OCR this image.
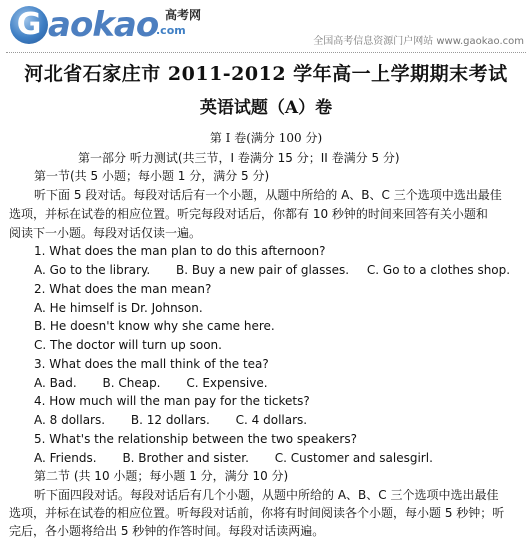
G aokao 高考网
.com
全国高考信息资源门户网站 www.gaokao.com
河北省石家庄市 2011-2012 学年高一上学期期末考试
英语试题（A）卷
第 I 卷(满分 100 分)
第一部分 听力测试(共三节，I 卷满分 15 分；II 卷满分 5 分)
第一节(共 5 小题；每小题 1 分，满分 5 分)
听下面 5 段对话。每段对话后有一个小题，从题中所给的 A、B、C 三个选项中选出最佳
选项，并标在试卷的相应位置。听完每段对话后，你都有 10 秒钟的时间来回答有关小题和
阅读下一小题。每段对话仅读一遍。
1. What does the man plan to do this afternoon?
A. Go to the library. B. Buy a new pair of glasses. C. Go to a clothes shop.
2. What does the man mean?
A. He himself is Dr. Johnson.
B. He doesn't know why she came here.
C. The doctor will turn up soon.
3. What does the mall think of the tea?
A. Bad. B. Cheap. C. Expensive.
4. How much will the man pay for the tickets?
A. 8 dollars. B. 12 dollars. C. 4 dollars.
5. What's the relationship between the two speakers?
A. Friends. B. Brother and sister. C. Customer and salesgirl.
第二节 (共 10 小题；每小题 1 分，满分 10 分)
听下面四段对话。每段对话后有几个小题，从题中所给的 A、B、C 三个选项中选出最佳
选项，并标在试卷的相应位置。听每段对话前，你将有时间阅读各个小题，每小题 5 秒钟；听
完后，各小题将给出 5 秒钟的作答时间。每段对话读两遍。
